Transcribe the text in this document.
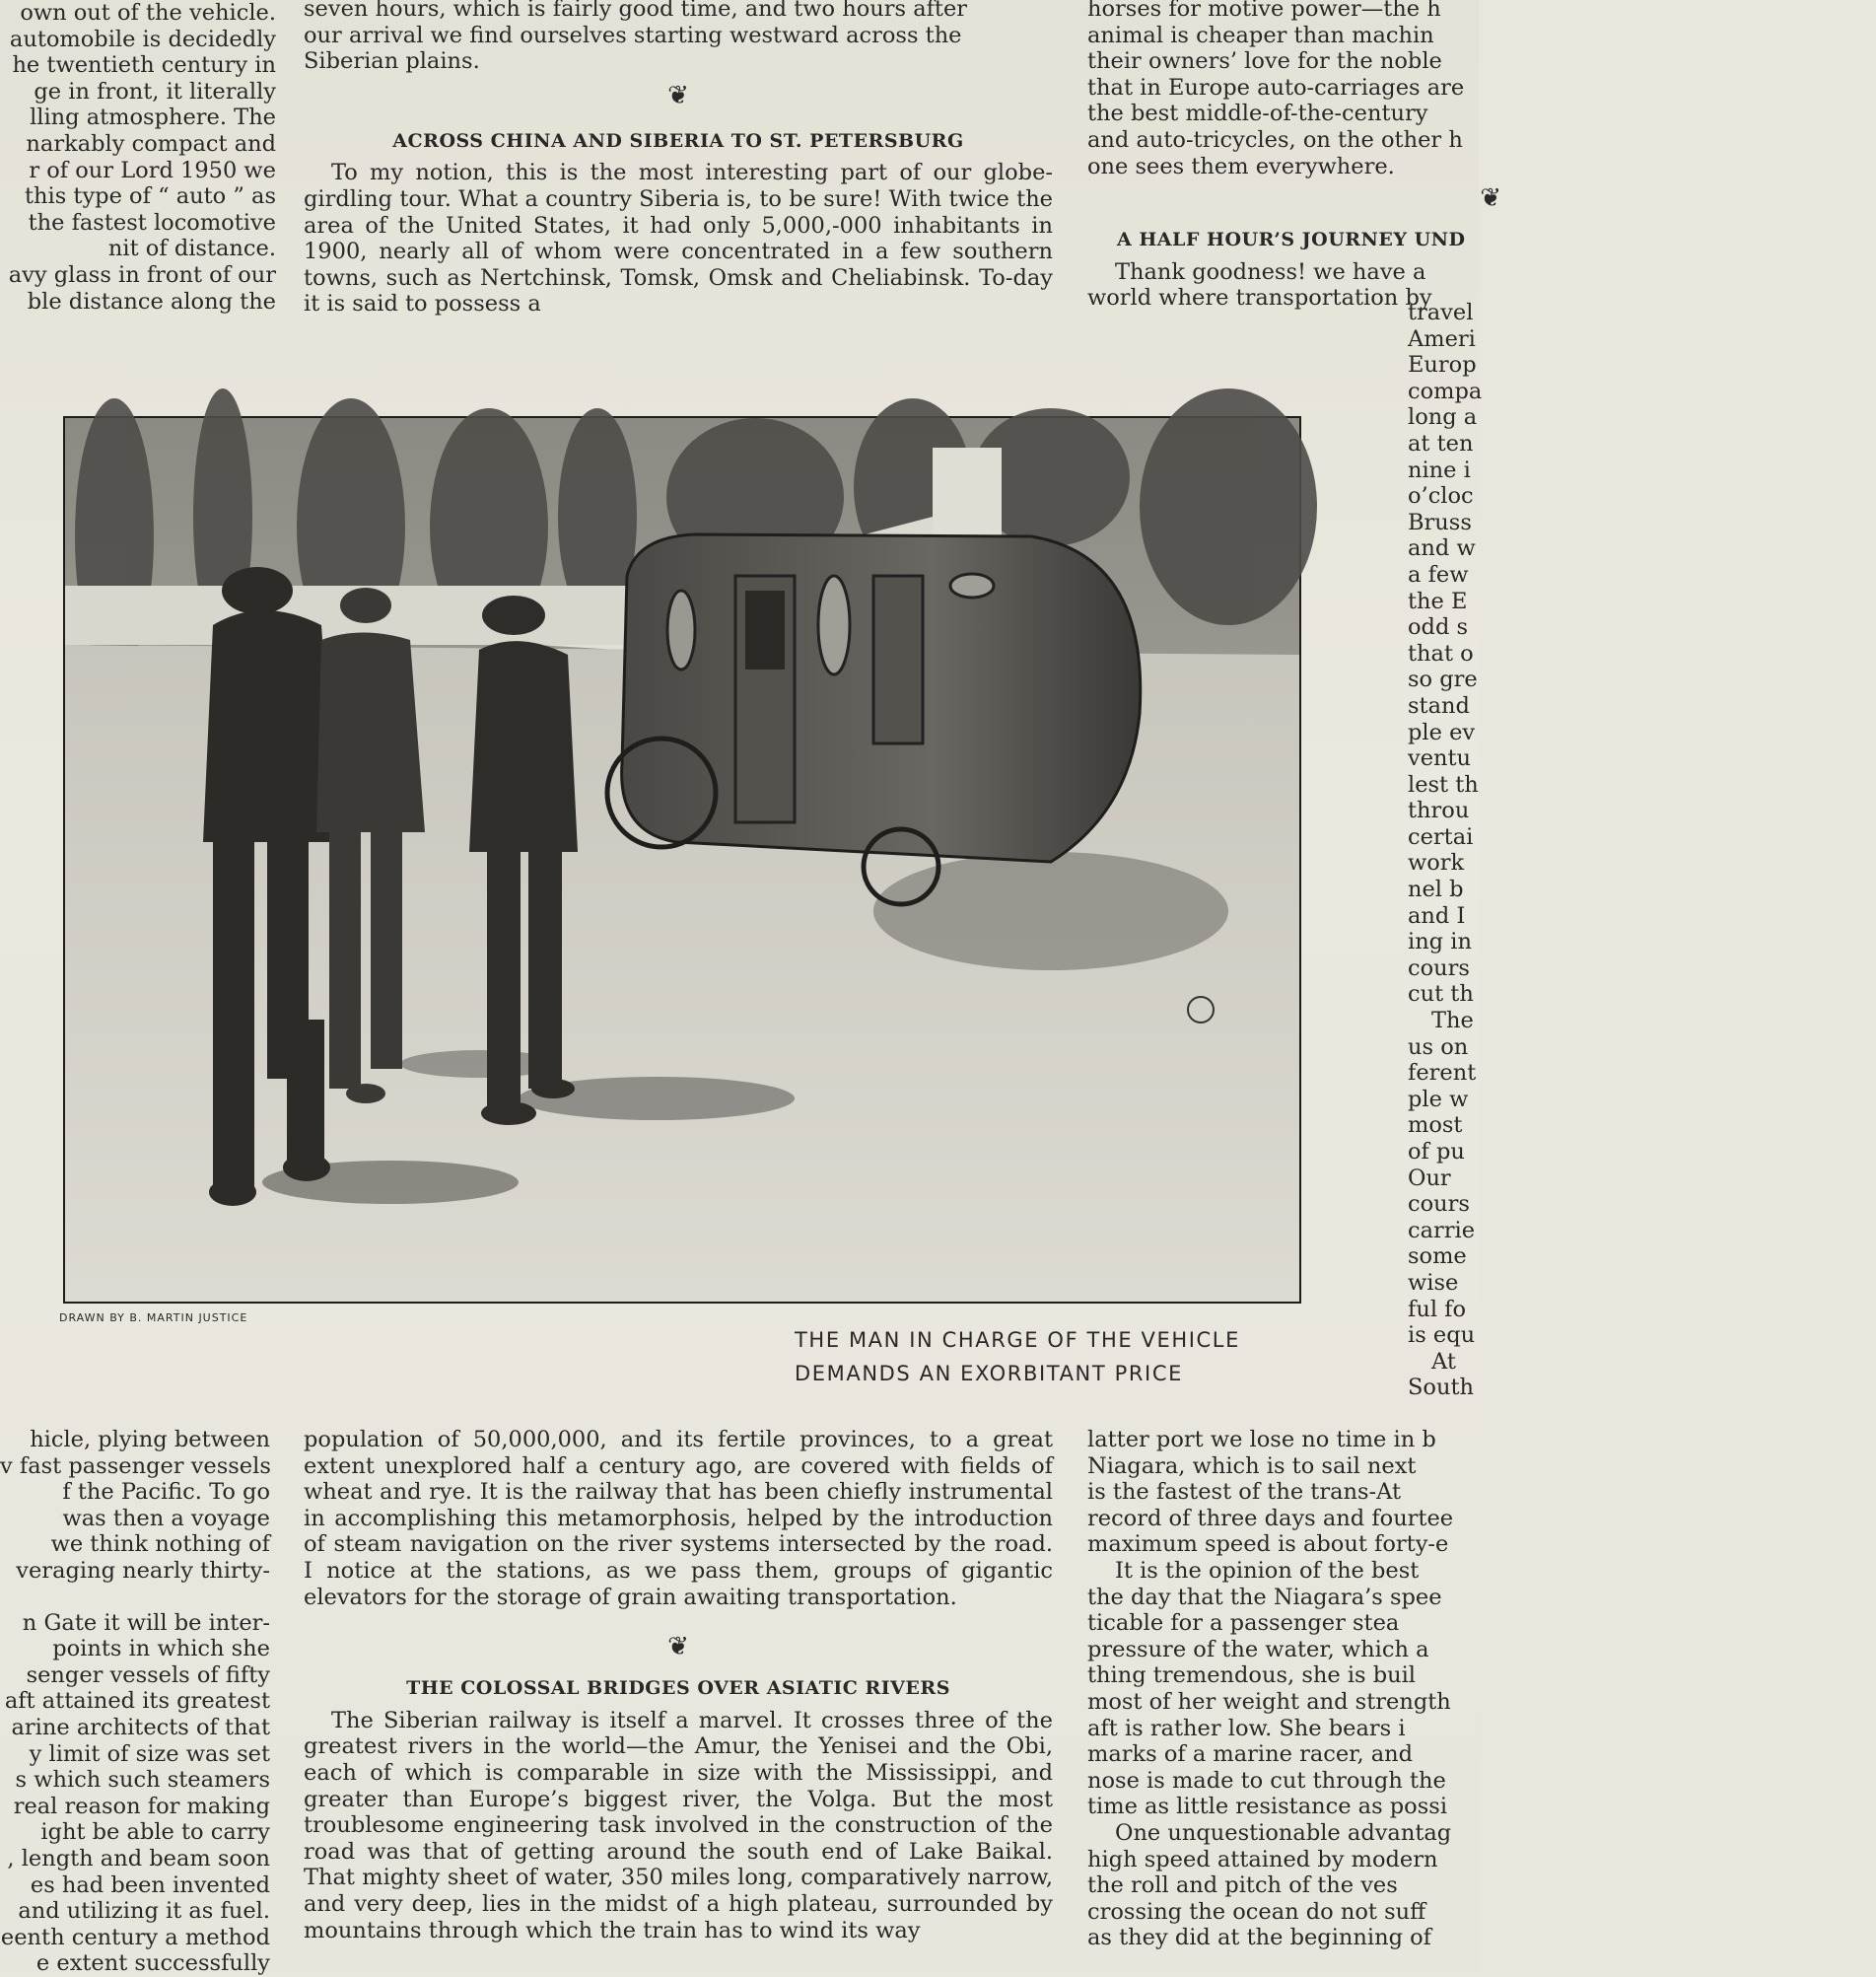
own out of the vehicle.

automobile is decidedly

he twentieth century in

ge in front, it literally

lling atmosphere. The

narkably compact and

r of our Lord 1950 we

this type of “ auto ” as

the fastest locomotive

nit of distance.

avy glass in front of our

ble distance along the

seven hours, which is fairly good time, and two hours after

our arrival we find ourselves starting westward across the

Siberian plains.

❦
ACROSS CHINA AND SIBERIA TO ST. PETERSBURG

To my notion, this is the most interesting part of our globe-girdling tour. What a country Siberia is, to be sure! With twice the area of the United States, it had only 5,000,-000 inhabitants in 1900, nearly all of whom were concentrated in a few southern towns, such as Nertchinsk, Tomsk, Omsk and Cheliabinsk. To-day it is said to possess a

horses for motive power—the h

animal is cheaper than machin

their owners’ love for the noble

that in Europe auto-carriages are

the best middle-of-the-century

and auto-tricycles, on the other h

one sees them everywhere.

❦
A HALF HOUR’S JOURNEY UND

Thank goodness! we have a

world where transportation by

travel

Ameri

Europ

compa

long a

at ten

nine i

o’cloc

Bruss

and w

a few

the E

odd s

that o

so gre

stand

ple ev

ventu

lest th

throu

certai

work

nel b

and I

ing in

cours

cut th

The

us on

ferent

ple w

most

of pu

Our

cours

carrie

some

wise

ful fo

is equ

At

South

DRAWN BY B. MARTIN JUSTICE
THE MAN IN CHARGE OF THE VEHICLE
DEMANDS AN EXORBITANT PRICE

hicle, plying between

v fast passenger vessels

f the Pacific. To go

was then a voyage

we think nothing of

veraging nearly thirty-

n Gate it will be inter-

points in which she

senger vessels of fifty

aft attained its greatest

arine architects of that

y limit of size was set

s which such steamers

real reason for making

ight be able to carry

, length and beam soon

es had been invented

and utilizing it as fuel.

eenth century a method

e extent successfully

population of 50,000,000, and its fertile provinces, to a great extent unexplored half a century ago, are covered with fields of wheat and rye. It is the railway that has been chiefly instrumental in accomplishing this metamorphosis, helped by the introduction of steam navigation on the river systems intersected by the road. I notice at the stations, as we pass them, groups of gigantic elevators for the storage of grain awaiting transportation.

❦
THE COLOSSAL BRIDGES OVER ASIATIC RIVERS

The Siberian railway is itself a marvel. It crosses three of the greatest rivers in the world—the Amur, the Yenisei and the Obi, each of which is comparable in size with the Mississippi, and greater than Europe’s biggest river, the Volga. But the most troublesome engineering task involved in the construction of the road was that of getting around the south end of Lake Baikal. That mighty sheet of water, 350 miles long, comparatively narrow, and very deep, lies in the midst of a high plateau, surrounded by mountains through which the train has to wind its way

latter port we lose no time in b

Niagara, which is to sail next

is the fastest of the trans-At

record of three days and fourtee

maximum speed is about forty-e

It is the opinion of the best

the day that the Niagara’s spee

ticable for a passenger stea

pressure of the water, which a

thing tremendous, she is buil

most of her weight and strength

aft is rather low. She bears i

marks of a marine racer, and

nose is made to cut through the

time as little resistance as possi

One unquestionable advantag

high speed attained by modern

the roll and pitch of the ves

crossing the ocean do not suff

as they did at the beginning of
